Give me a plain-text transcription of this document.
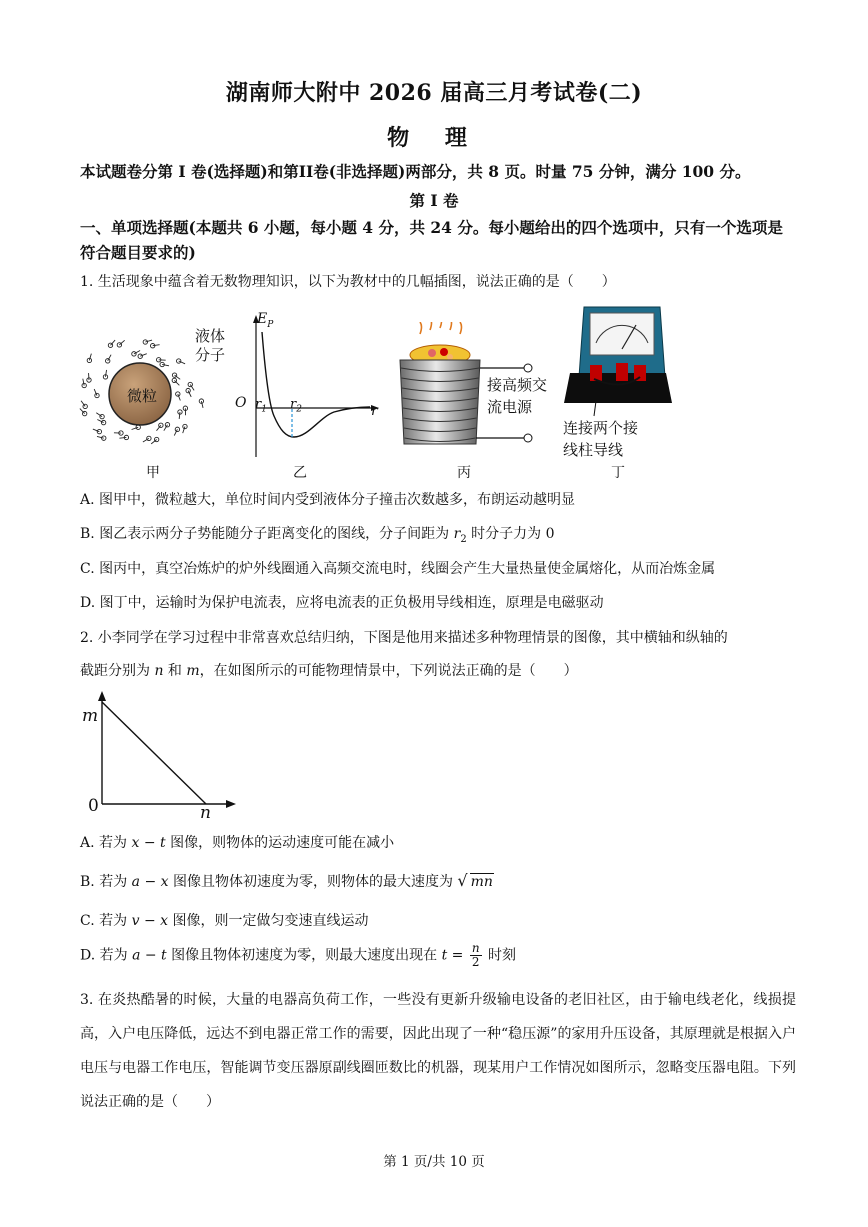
湖南师大附中 2026 届高三月考试卷(二)
物 理
本试题卷分第 I 卷(选择题)和第II卷(非选择题)两部分，共 8 页。时量 75 分钟，满分 100 分。
第 I 卷
一、单项选择题(本题共 6 小题，每小题 4 分，共 24 分。每小题给出的四个选项中，只有一个选项是符合题目要求的)
1. 生活现象中蕴含着无数物理知识，以下为教材中的几幅插图，说法正确的是（　　）
微粒
液体
分子
甲
$E_P$
O	r
$r_1$ $r_2$
乙
接高频交
流电源
丙
连接两个接
线柱导线
丁
A. 图甲中，微粒越大，单位时间内受到液体分子撞击次数越多，布朗运动越明显
B. 图乙表示两分子势能随分子距离变化的图线，分子间距为 $r_2$ 时分子力为 0
C. 图丙中，真空冶炼炉的炉外线圈通入高频交流电时，线圈会产生大量热量使金属熔化，从而冶炼金属
D. 图丁中，运输时为保护电流表，应将电流表的正负极用导线相连，原理是电磁驱动
2. 小李同学在学习过程中非常喜欢总结归纳，下图是他用来描述多种物理情景的图像，其中横轴和纵轴的
截距分别为 n 和 m，在如图所示的可能物理情景中，下列说法正确的是（　　）
m
0	n
A. 若为 x − t 图像，则物体的运动速度可能在减小
B. 若为 a − x 图像且物体初速度为零，则物体的最大速度为 √ mn
C. 若为 v − x 图像，则一定做匀变速直线运动
D. 若为 a − t 图像且物体初速度为零，则最大速度出现在 $t = \frac{n}{2}$ 时刻
3. 在炎热酷暑的时候，大量的电器高负荷工作，一些没有更新升级输电设备的老旧社区，由于输电线老化，线损提高，入户电压降低，远达不到电器正常工作的需要，因此出现了一种“稳压源”的家用升压设备，其原理就是根据入户电压与电器工作电压，智能调节变压器原副线圈匝数比的机器，现某用户工作情况如图所示，忽略变压器电阻。下列说法正确的是（　　）
第 1 页/共 10 页
